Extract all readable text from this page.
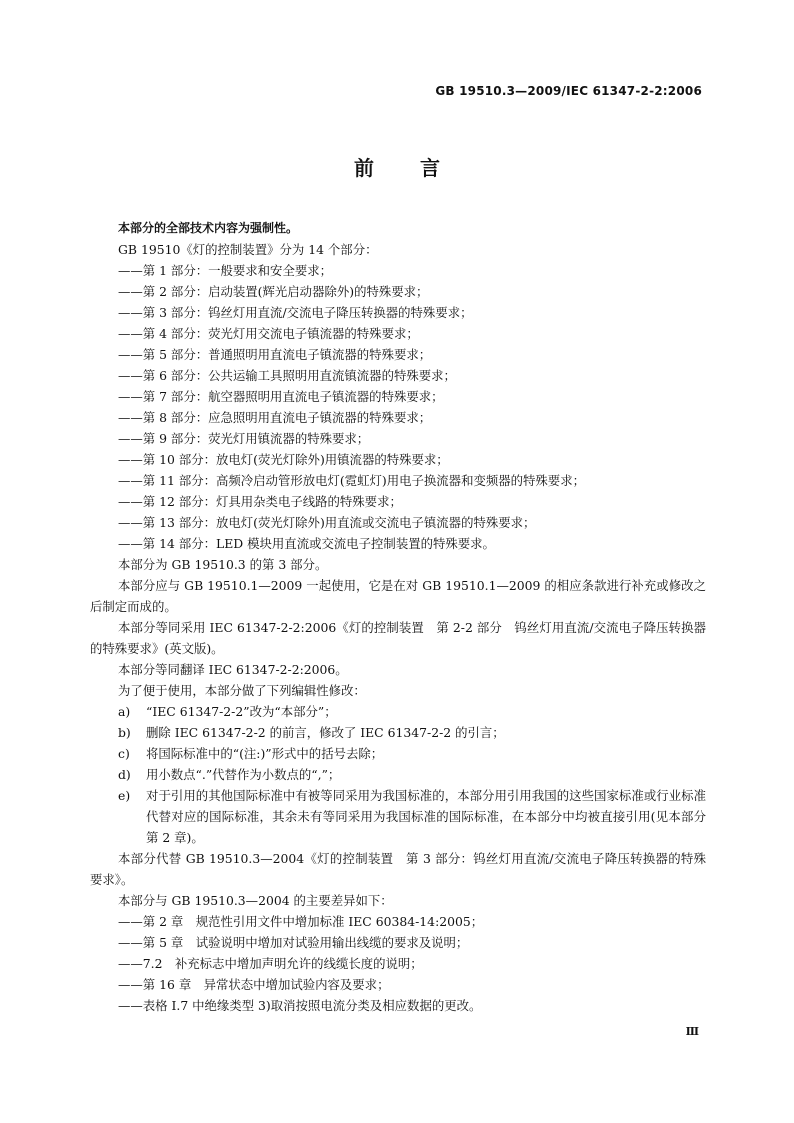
GB 19510.3—2009/IEC 61347-2-2:2006
前言

本部分的全部技术内容为强制性。

GB 19510《灯的控制装置》分为 14 个部分：

——第 1 部分：一般要求和安全要求；

——第 2 部分：启动装置(辉光启动器除外)的特殊要求；

——第 3 部分：钨丝灯用直流/交流电子降压转换器的特殊要求；

——第 4 部分：荧光灯用交流电子镇流器的特殊要求；

——第 5 部分：普通照明用直流电子镇流器的特殊要求；

——第 6 部分：公共运输工具照明用直流镇流器的特殊要求；

——第 7 部分：航空器照明用直流电子镇流器的特殊要求；

——第 8 部分：应急照明用直流电子镇流器的特殊要求；

——第 9 部分：荧光灯用镇流器的特殊要求；

——第 10 部分：放电灯(荧光灯除外)用镇流器的特殊要求；

——第 11 部分：高频冷启动管形放电灯(霓虹灯)用电子换流器和变频器的特殊要求；

——第 12 部分：灯具用杂类电子线路的特殊要求；

——第 13 部分：放电灯(荧光灯除外)用直流或交流电子镇流器的特殊要求；

——第 14 部分：LED 模块用直流或交流电子控制装置的特殊要求。

本部分为 GB 19510.3 的第 3 部分。

本部分应与 GB 19510.1—2009 一起使用，它是在对 GB 19510.1—2009 的相应条款进行补充或修改之后制定而成的。

本部分等同采用 IEC 61347-2-2:2006《灯的控制装置　第 2-2 部分　钨丝灯用直流/交流电子降压转换器的特殊要求》(英文版)。

本部分等同翻译 IEC 61347-2-2:2006。

为了便于使用，本部分做了下列编辑性修改：

a)	“IEC 61347-2-2”改为“本部分”；
b)	删除 IEC 61347-2-2 的前言，修改了 IEC 61347-2-2 的引言；
c)	将国际标准中的“(注:)”形式中的括号去除；
d)	用小数点“.”代替作为小数点的“,”；
e)	对于引用的其他国际标准中有被等同采用为我国标准的，本部分用引用我国的这些国家标准或行业标准代替对应的国际标准，其余未有等同采用为我国标准的国际标准，在本部分中均被直接引用(见本部分第 2 章)。

本部分代替 GB 19510.3—2004《灯的控制装置　第 3 部分：钨丝灯用直流/交流电子降压转换器的特殊要求》。

本部分与 GB 19510.3—2004 的主要差异如下：

——第 2 章　规范性引用文件中增加标准 IEC 60384-14:2005；

——第 5 章　试验说明中增加对试验用输出线缆的要求及说明；

——7.2　补充标志中增加声明允许的线缆长度的说明；

——第 16 章　异常状态中增加试验内容及要求；

——表格 I.7 中绝缘类型 3)取消按照电流分类及相应数据的更改。

Ⅲ
